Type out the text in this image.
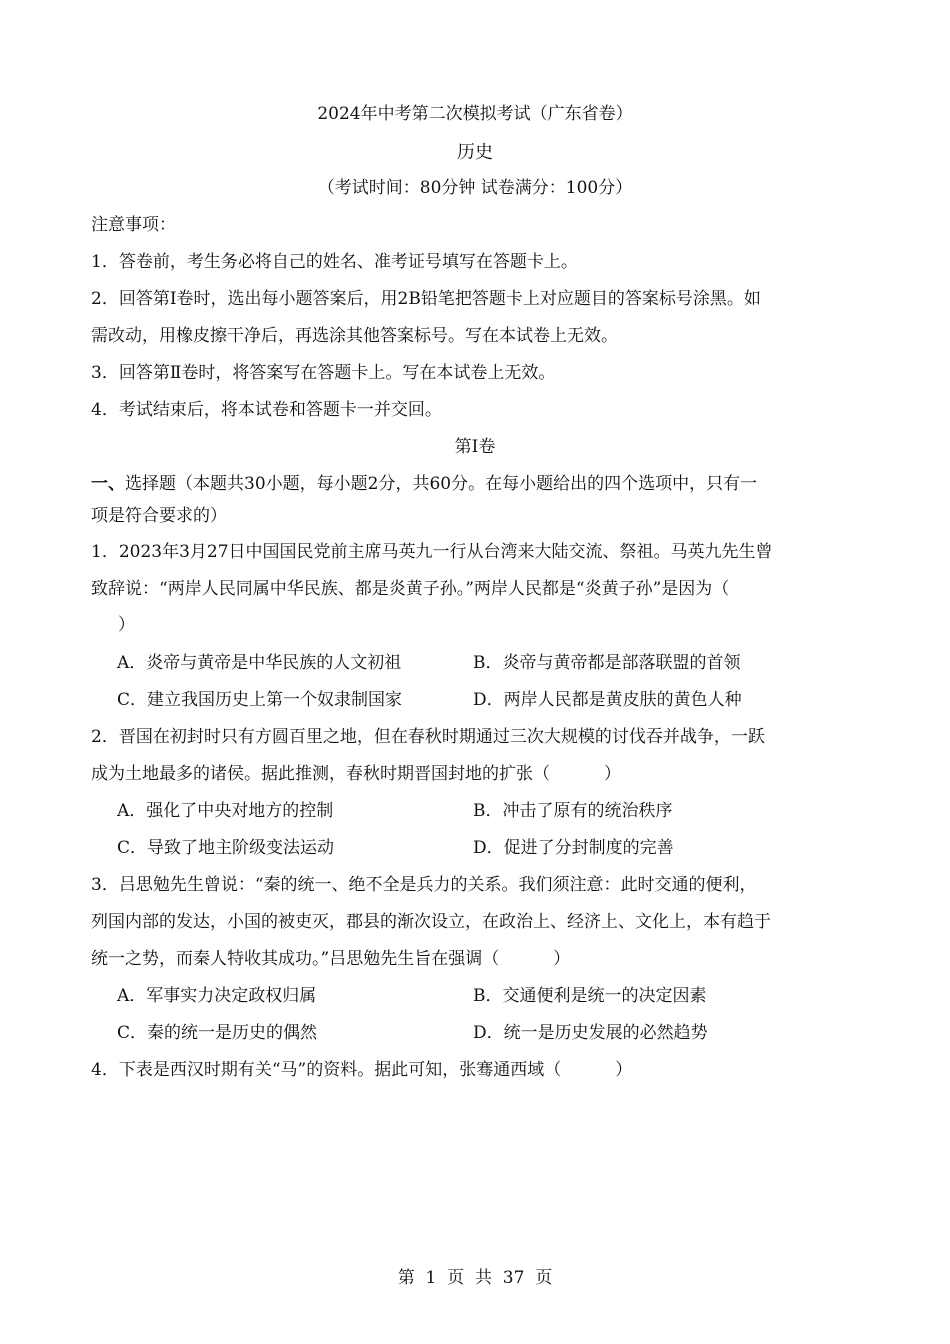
2024年中考第二次模拟考试（广东省卷）
历史
（考试时间：80分钟 试卷满分：100分）
注意事项：
1．答卷前，考生务必将自己的姓名、准考证号填写在答题卡上。
2．回答第Ⅰ卷时，选出每小题答案后，用2B铅笔把答题卡上对应题目的答案标号涂黑。如
需改动，用橡皮擦干净后，再选涂其他答案标号。写在本试卷上无效。
3．回答第Ⅱ卷时，将答案写在答题卡上。写在本试卷上无效。
4．考试结束后，将本试卷和答题卡一并交回。
第Ⅰ卷
一、选择题（本题共30小题，每小题2分，共60分。在每小题给出的四个选项中，只有一
项是符合要求的）
1．2023年3月27日中国国民党前主席马英九一行从台湾来大陆交流、祭祖。马英九先生曾
致辞说：“两岸人民同属中华民族、都是炎黄子孙。”两岸人民都是“炎黄子孙”是因为（
）
A．炎帝与黄帝是中华民族的人文初祖	B．炎帝与黄帝都是部落联盟的首领
C．建立我国历史上第一个奴隶制国家	D．两岸人民都是黄皮肤的黄色人种
2．晋国在初封时只有方圆百里之地，但在春秋时期通过三次大规模的讨伐吞并战争，一跃
成为土地最多的诸侯。据此推测，春秋时期晋国封地的扩张（          ）
A．强化了中央对地方的控制	B．冲击了原有的统治秩序
C．导致了地主阶级变法运动	D．促进了分封制度的完善
3．吕思勉先生曾说：“秦的统一、绝不全是兵力的关系。我们须注意：此时交通的便利，
列国内部的发达，小国的被吏灭，郡县的渐次设立，在政治上、经济上、文化上，本有趋于
统一之势，而秦人特收其成功。”吕思勉先生旨在强调（          ）
A．军事实力决定政权归属	B．交通便利是统一的决定因素
C．秦的统一是历史的偶然	D．统一是历史发展的必然趋势
4．下表是西汉时期有关“马”的资料。据此可知，张骞通西域（          ）
第  1  页  共  37  页
